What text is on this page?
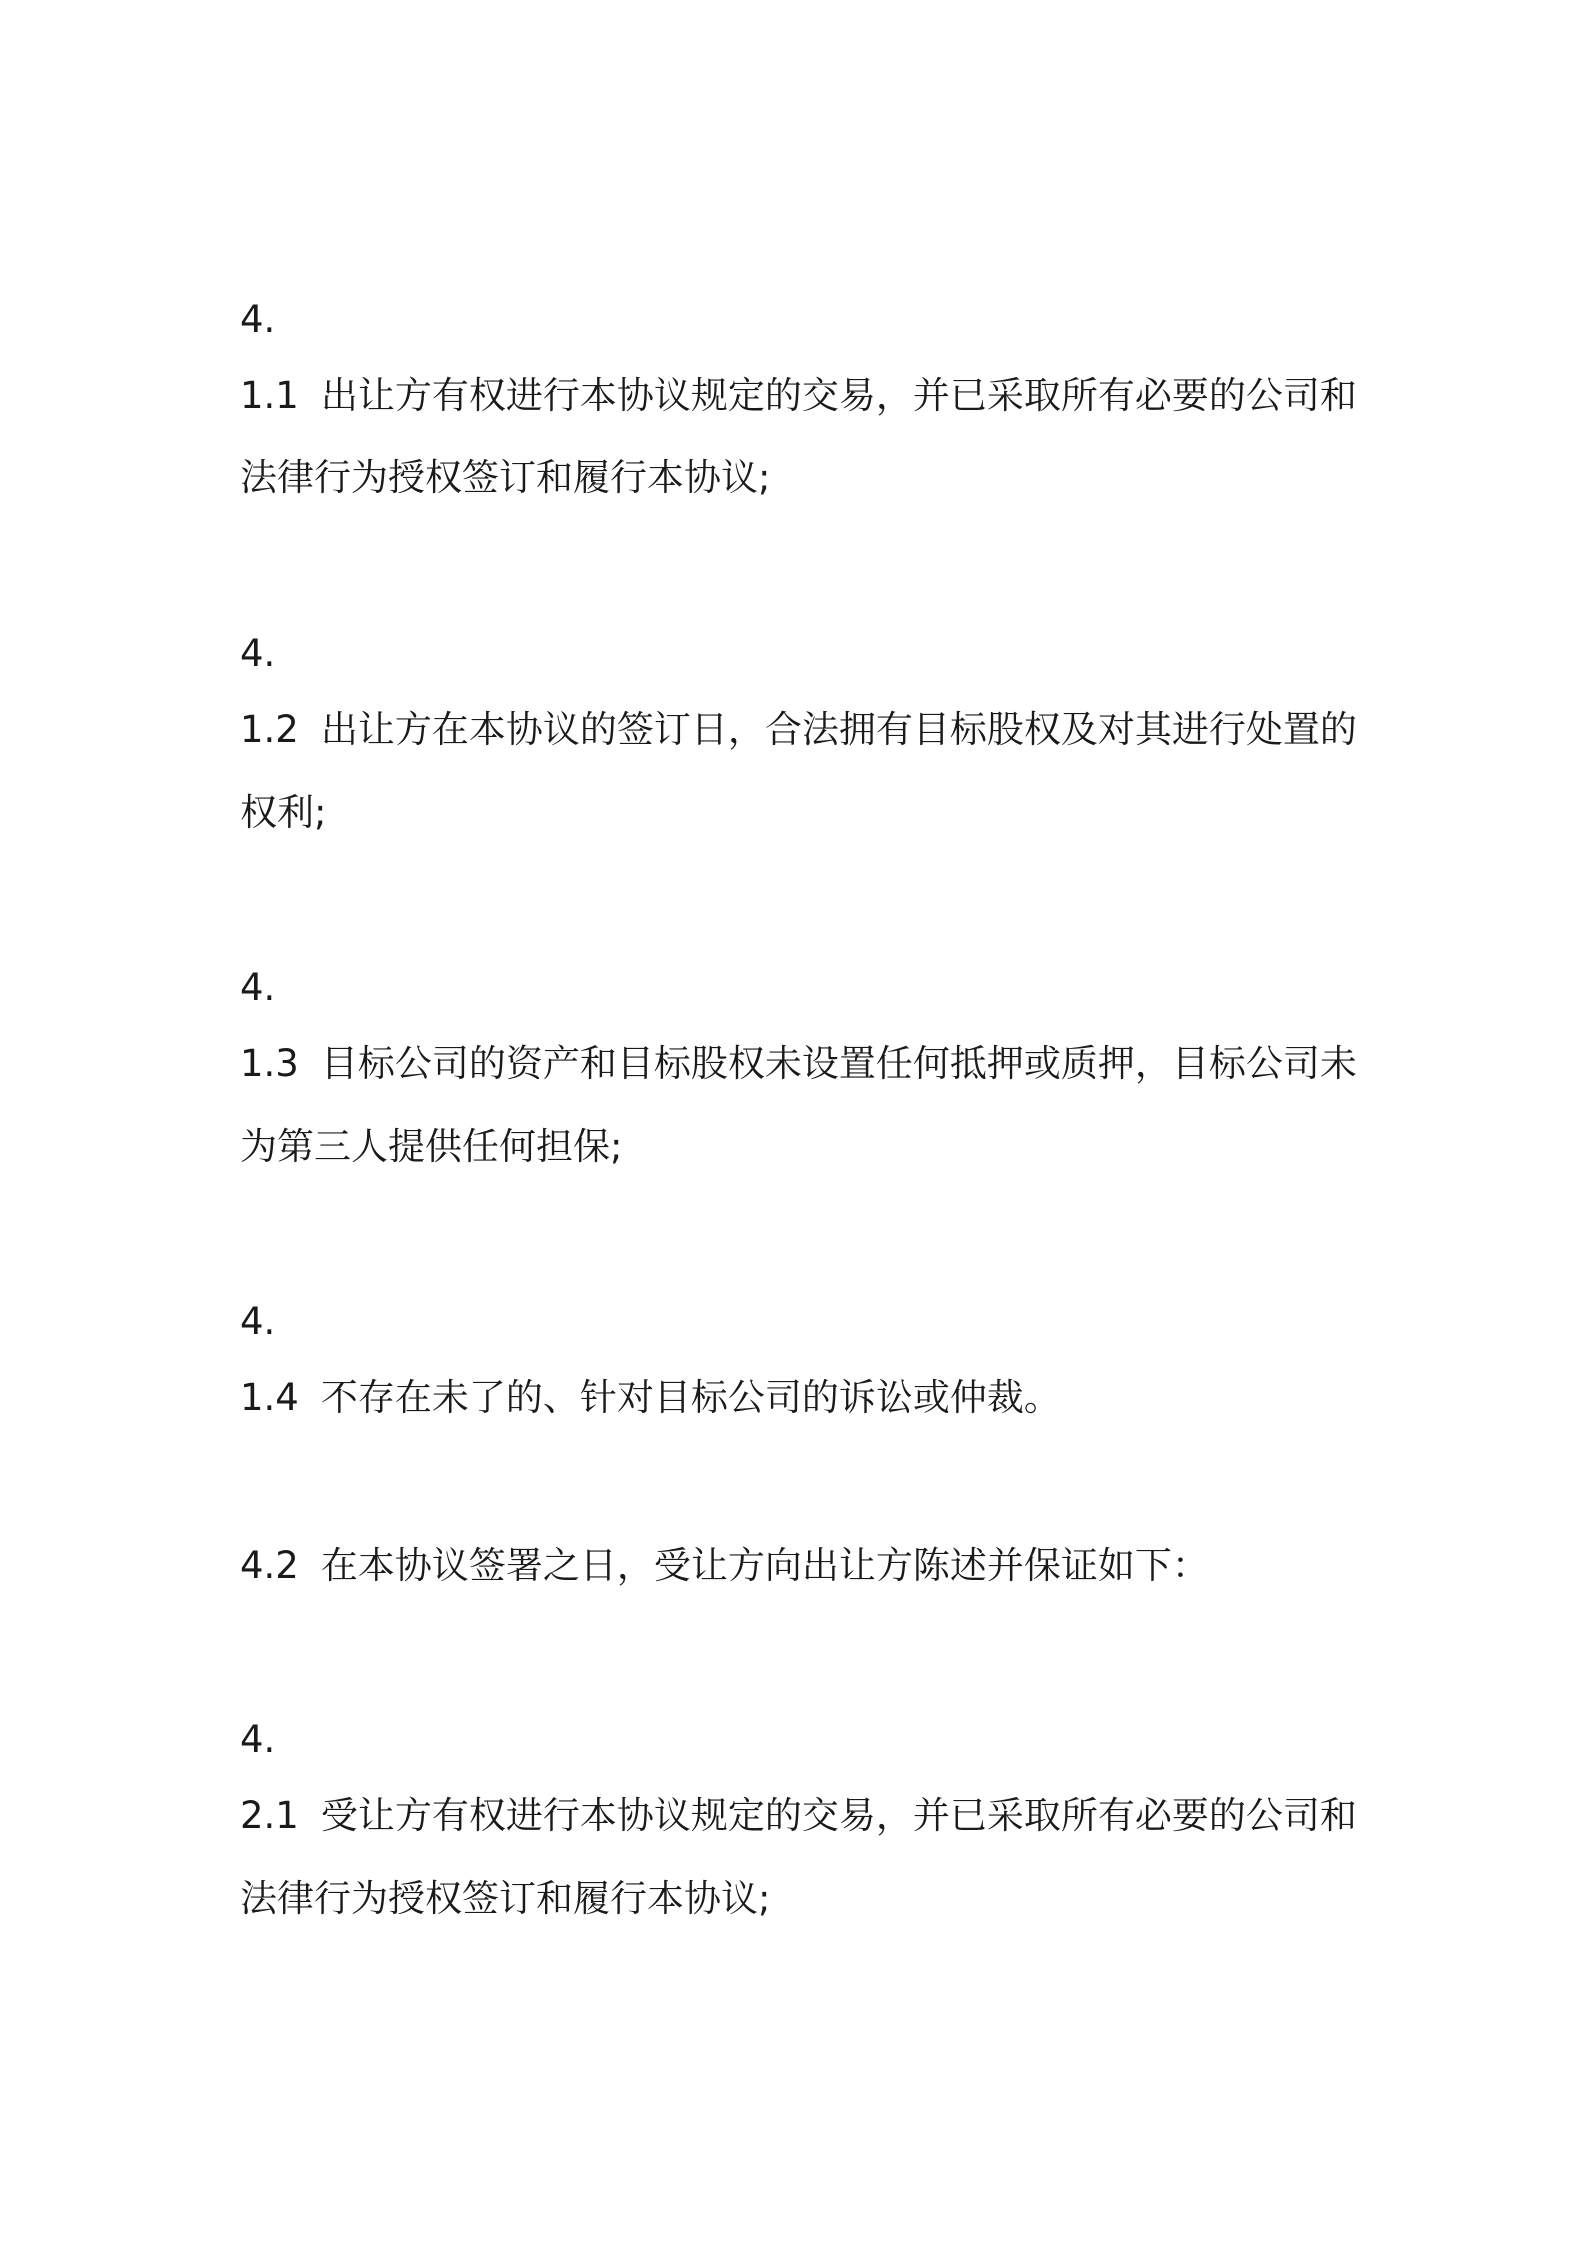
4.
1.1 出让方有权进行本协议规定的交易，并已采取所有必要的公司和
法律行为授权签订和履行本协议;
4.
1.2 出让方在本协议的签订日，合法拥有目标股权及对其进行处置的
权利;
4.
1.3 目标公司的资产和目标股权未设置任何抵押或质押，目标公司未
为第三人提供任何担保;
4.
1.4 不存在未了的、针对目标公司的诉讼或仲裁。
4.2 在本协议签署之日，受让方向出让方陈述并保证如下：
4.
2.1 受让方有权进行本协议规定的交易，并已采取所有必要的公司和
法律行为授权签订和履行本协议;
